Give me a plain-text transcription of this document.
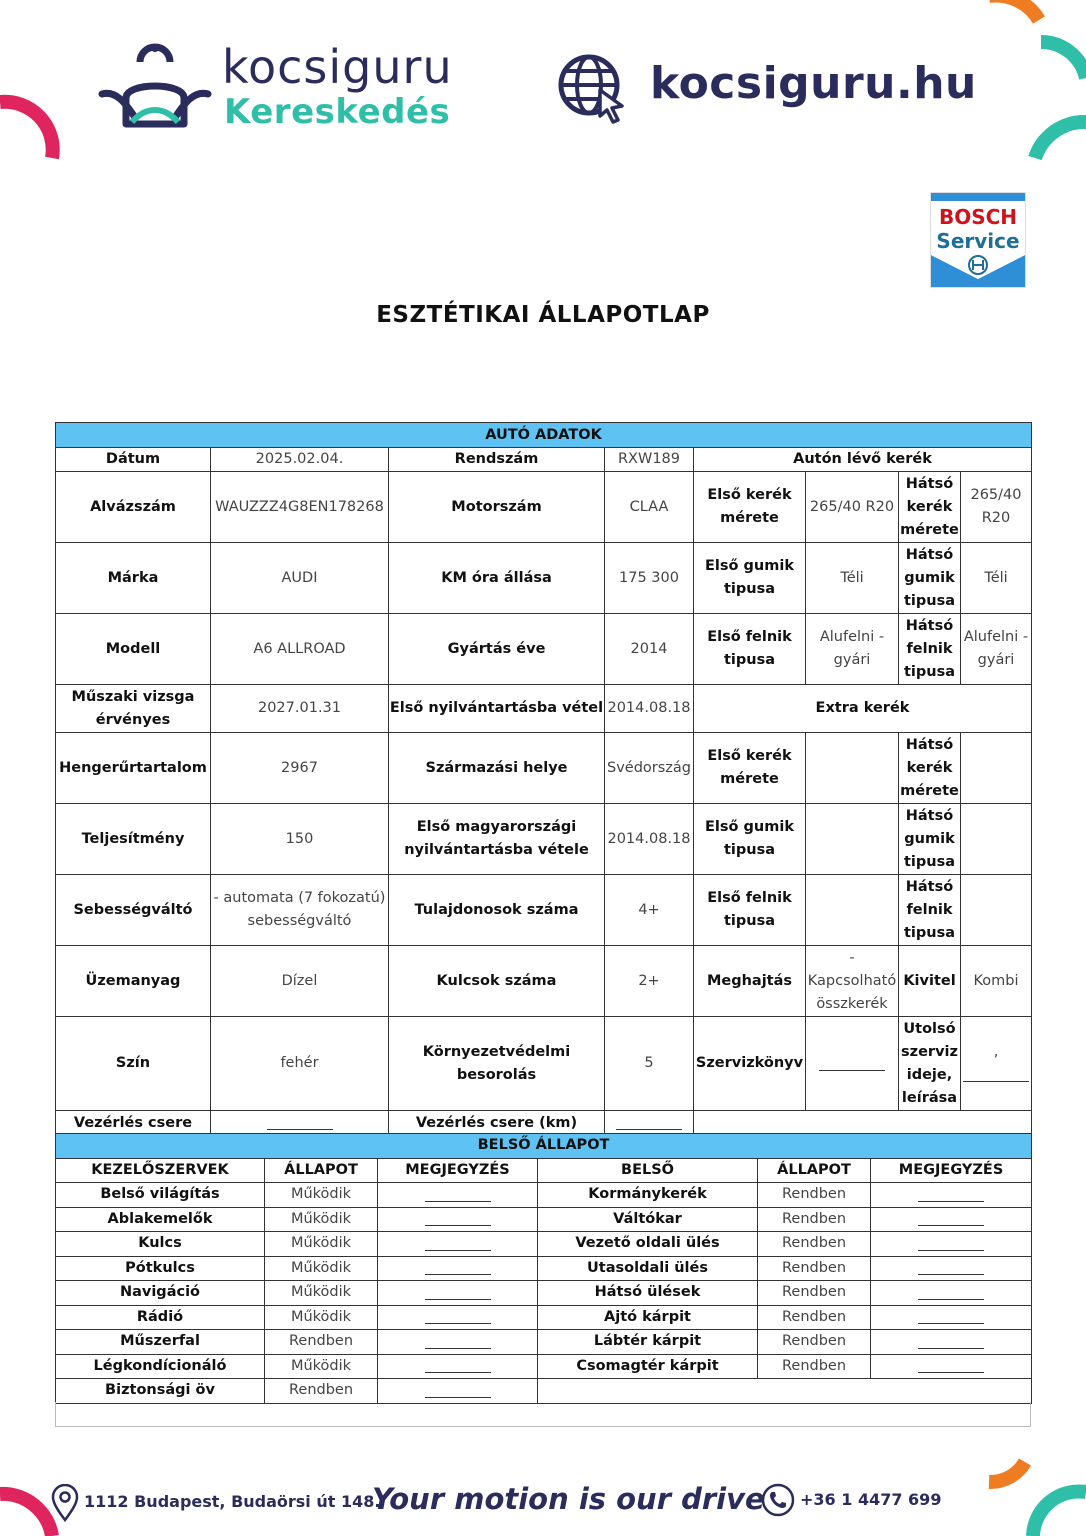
kocsiguru
Kereskedés
kocsiguru.hu
BOSCH
Service
ESZTÉTIKAI ÁLLAPOTLAP
AUTÓ ADATOK							
Dátum	2025.02.04.	Rendszám	RXW189	Autón lévő kerék			
Alvázszám	WAUZZZ4G8EN178268	Motorszám	CLAA	Első kerék mérete	265/40 R20	Hátsó kerék mérete	265/40 R20
Márka	AUDI	KM óra állása	175 300	Első gumik tipusa	Téli	Hátsó gumik tipusa	Téli
Modell	A6 ALLROAD	Gyártás éve	2014	Első felnik tipusa	Alufelni - gyári	Hátsó felnik tipusa	Alufelni - gyári
Műszaki vizsga érvényes	2027.01.31	Első nyilvántartásba vétel	2014.08.18	Extra kerék			
Hengerűrtartalom	2967	Származási helye	Svédország	Első kerék mérete		Hátsó kerék mérete	
Teljesítmény	150	Első magyarországi nyilvántartásba vétele	2014.08.18	Első gumik tipusa		Hátsó gumik tipusa	
Sebességváltó	- automata (7 fokozatú) sebességváltó	Tulajdonosok száma	4+	Első felnik tipusa		Hátsó felnik tipusa	
Üzemanyag	Dízel	Kulcsok száma	2+	Meghajtás	- Kapcsolható összkerék	Kivitel	Kombi
Szín	fehér	Környezetvédelmi besorolás	5	Szervizkönyv		Utolsó szerviz ideje, leírása	,

Vezérlés csere		Vezérlés csere (km)					
BELSŐ ÁLLAPOT					
KEZELŐSZERVEK	ÁLLAPOT	MEGJEGYZÉS	BELSŐ	ÁLLAPOT	MEGJEGYZÉS
Belső világítás	Működik		Kormánykerék	Rendben	
Ablakemelők	Működik		Váltókar	Rendben	
Kulcs	Működik		Vezető oldali ülés	Rendben	
Pótkulcs	Működik		Utasoldali ülés	Rendben	
Navigáció	Működik		Hátsó ülések	Rendben	
Rádió	Működik		Ajtó kárpit	Rendben	
Műszerfal	Rendben		Lábtér kárpit	Rendben	
Légkondícionáló	Működik		Csomagtér kárpit	Rendben	
Biztonsági öv	Rendben				
1112 Budapest, Budaörsi út 148.
Your motion is our drive +36 1 4477 699
